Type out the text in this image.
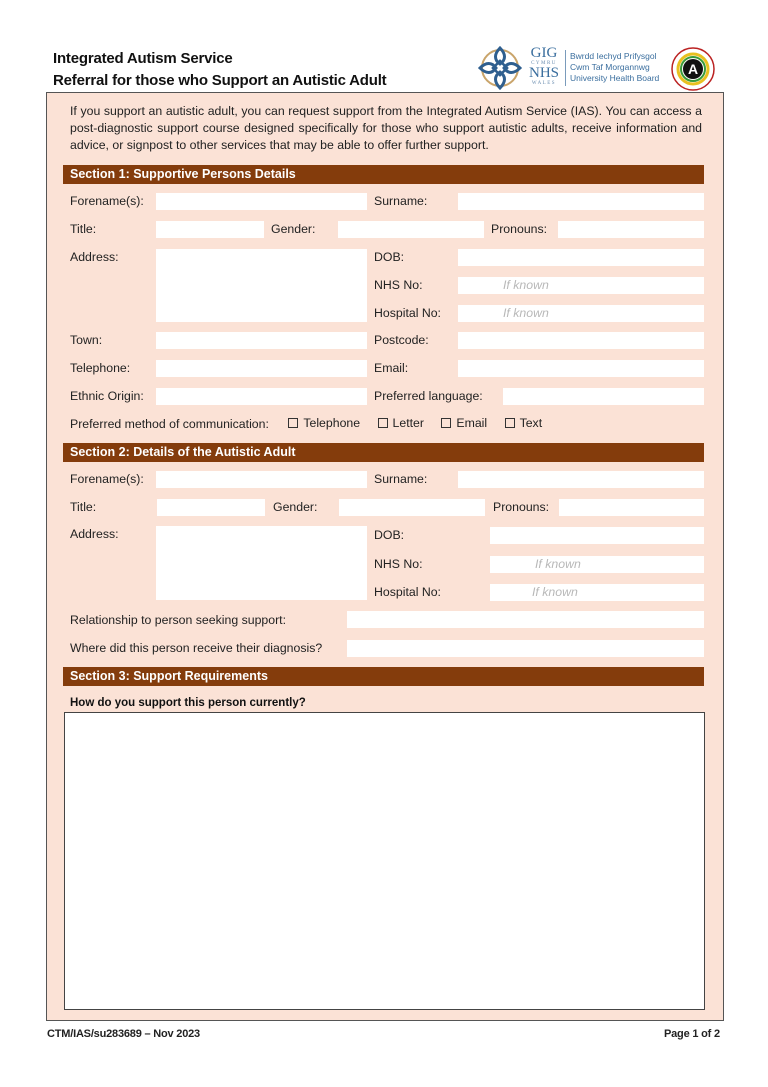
Integrated Autism Service
Referral for those who Support an Autistic Adult
GIG
CYMRU
NHS
WALES
Bwrdd Iechyd Prifysgol
Cwm Taf Morgannwg
University Health Board
A
If you support an autistic adult, you can request support from the Integrated Autism Service (IAS). You can access a post-diagnostic support course designed specifically for those who support autistic adults, receive information and advice, or signpost to other services that may be able to offer further support.
Section 1: Supportive Persons Details
Forename(s):	Surname:
Title:	Gender:	Pronouns:
Address:	DOB:
NHS No:	If known
Hospital No:	If known
Town:	Postcode:
Telephone:	Email:
Ethnic Origin:	Preferred language:
Preferred method of communication:	Telephone
	Letter
	Email
	Text
Section 2: Details of the Autistic Adult
Forename(s):	Surname:
Title:	Gender:	Pronouns:
Address:	DOB:
NHS No:	If known
Hospital No:	If known
Relationship to person seeking support:
Where did this person receive their diagnosis?
Section 3: Support Requirements
How do you support this person currently?
CTM/IAS/su283689 – Nov 2023	Page 1 of 2
